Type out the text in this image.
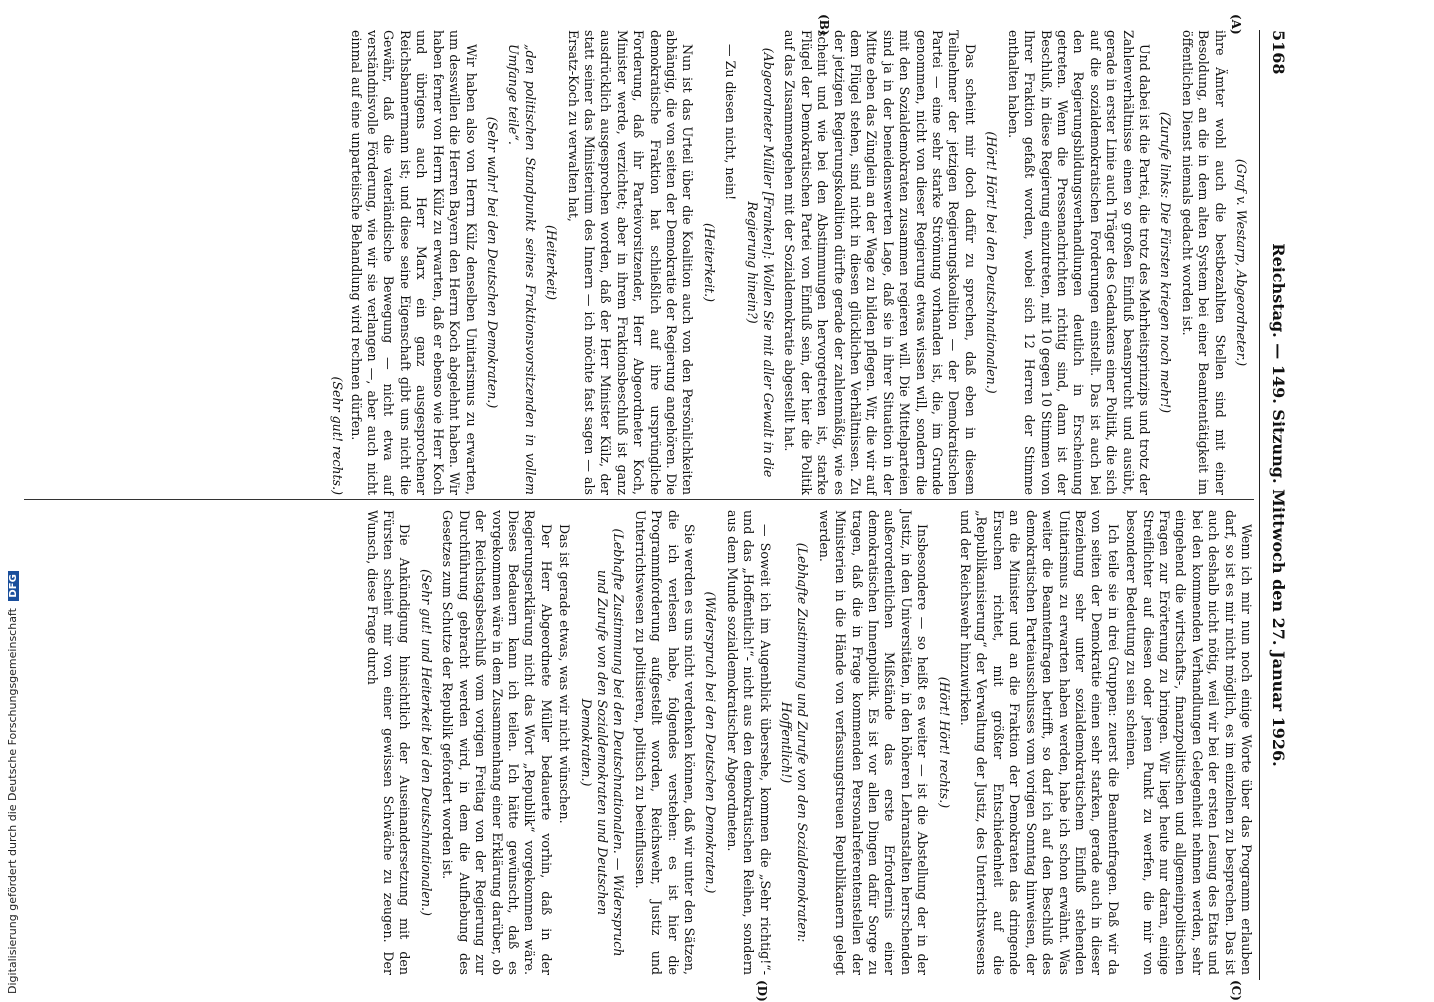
5168
Reichstag. — 149. Sitzung. Mittwoch den 27. Januar 1926.
(A)
(B)
(C)
(D)

(Graf v. Westarp, Abgeordneter.)

ihre Ämter wohl auch die bestbezahlten Stellen sind mit einer Besoldung, an die in dem alten System bei einer Beamtentätigkeit im öffentlichen Dienst niemals gedacht worden ist.

(Zurufe links: Die Fürsten kriegen noch mehr!)

Und dabei ist die Partei, die trotz des Mehrheitsprinzips und trotz der Zahlenverhältnisse einen so großen Einfluß beansprucht und ausübt, gerade in erster Linie auch Träger des Gedankens einer Politik, die sich auf die sozialdemokratischen Forderungen einstellt. Das ist auch bei den Regierungsbildungsverhandlungen deutlich in Erscheinung getreten. Wenn die Pressenachrichten richtig sind, dann ist der Beschluß, in diese Regierung einzutreten, mit 10 gegen 10 Stimmen von Ihrer Fraktion gefaßt worden, wobei sich 12 Herren der Stimme enthalten haben.

(Hört! Hört! bei den Deutschnationalen.)

Das scheint mir doch dafür zu sprechen, daß eben in diesem Teilnehmer der jetzigen Regierungskoalition — der Demokratischen Partei — eine sehr starke Strömung vorhanden ist, die, im Grunde genommen, nicht von dieser Regierung etwas wissen will, sondern die mit den Sozialdemokraten zusammen regieren will. Die Mittelparteien sind ja in der beneidenswerten Lage, daß sie in ihrer Situation in der Mitte eben das Zünglein an der Wage zu bilden pflegen. Wir, die wir auf dem Flügel stehen, sind nicht in diesen glücklichen Verhältnissen. Zu der jetzigen Regierungskoalition dürfte gerade der zahlenmäßig, wie es scheint und wie bei den Abstimmungen hervorgetreten ist, starke Flügel der Demokratischen Partei von Einfluß sein, der hier die Politik auf das Zusammengehen mit der Sozialdemokratie abgestellt hat.

(Abgeordneter Müller [Franken]: Wollen Sie mit aller Gewalt in die Regierung hinein?)

— Zu diesen nicht, nein!

(Heiterkeit.)

Nun ist das Urteil über die Koalition auch von den Persönlichkeiten abhängig, die von seiten der Demokratie der Regierung angehören. Die demokratische Fraktion hat schließlich auf ihre ursprüngliche Forderung, daß ihr Parteivorsitzender, Herr Abgeordneter Koch, Minister werde, verzichtet; aber in ihrem Fraktionsbeschluß ist ganz ausdrücklich ausgesprochen worden, daß der Herr Minister Külz, der statt seiner das Ministerium des Innern — ich möchte fast sagen — als Ersatz-Koch zu verwalten hat,

(Heiterkeit)

„den politischen Standpunkt seines Fraktionsvorsitzenden in vollem Umfange teile“.

(Sehr wahr! bei den Deutschen Demokraten.)

Wir haben also von Herrn Külz denselben Unitarismus zu erwarten, um desswillen die Herren Bayern den Herrn Koch abgelehnt haben. Wir haben ferner von Herrn Külz zu erwarten, daß er ebenso wie Herr Koch und übrigens auch Herr Marx ein ganz ausgesprochener Reichsbannermann ist; und diese seine Eigenschaft gibt uns nicht die Gewähr, daß die vaterländische Bewegung — nicht etwa auf verständnisvolle Förderung, wie wir sie verlangen —, aber auch nicht einmal auf eine unparteiische Behandlung wird rechnen dürfen.

(Sehr gut! rechts.)

Wenn ich mir nun noch einige Worte über das Programm erlauben darf, so ist es mir nicht möglich, es im einzelnen zu besprechen. Das ist auch deshalb nicht nötig, weil wir bei der ersten Lesung des Etats und bei den kommenden Verhandlungen Gelegenheit nehmen werden, sehr eingehend die wirtschafts-, finanzpolitischen und allgemeinpolitischen Fragen zur Erörterung zu bringen. Wir liegt heute nur daran, einige Streiflichter auf diesen oder jenen Punkt zu werfen, die mir von besonderer Bedeutung zu sein scheinen.

Ich teile sie in drei Gruppen: zuerst die Beamtenfragen. Daß wir da von seiten der Demokratie einen sehr starken, gerade auch in dieser Beziehung sehr unter sozialdemokratischem Einfluß stehenden Unitarismus zu erwarten haben werden, habe ich schon erwähnt. Was weiter die Beamtenfragen betrifft, so darf ich auf den Beschluß des demokratischen Parteiausschusses vom vorigen Sonntag hinweisen, der an die Minister und an die Fraktion der Demokraten das dringende Ersuchen richtet, mit größter Entschiedenheit auf die „Republikanisierung“ der Verwaltung der Justiz, des Unterrichtswesens und der Reichswehr hinzuwirken.

(Hört! Hört! rechts.)

Insbesondere — so heißt es weiter — ist die Abstellung der in der Justiz, in den Universitäten, in den höheren Lehranstalten herrschenden außerordentlichen Mißstände das erste Erfordernis einer demokratischen Innenpolitik. Es ist vor allen Dingen dafür Sorge zu tragen, daß die in Frage kommenden Personalreferentenstellen der Ministerien in die Hände von verfassungstreuen Republikanern gelegt werden.

(Lebhafte Zustimmung und Zurufe von den Sozialdemokraten: Hoffentlich!)

— Soweit ich im Augenblick übersehe, kommen die „Sehr richtig!“- und das „Hoffentlich!“- nicht aus den demokratischen Reihen, sondern aus dem Munde sozialdemokratischer Abgeordneten.

(Widerspruch bei den Deutschen Demokraten.)

Sie werden es uns nicht verdenken können, daß wir unter den Sätzen, die ich verlesen habe, folgendes verstehen: es ist hier die Programmforderung aufgestellt worden, Reichswehr, Justiz und Unterrichtswesen zu politisieren, politisch zu beeinflussen.

(Lebhafte Zustimmung bei den Deutschnationalen. — Widerspruch und Zurufe von den Sozialdemokraten und Deutschen Demokraten.)

Das ist gerade etwas, was wir nicht wünschen.

Der Herr Abgeordnete Müller bedauerte vorhin, daß in der Regierungserklärung nicht das Wort „Republik“ vorgekommen wäre. Dieses Bedauern kann ich teilen. Ich hätte gewünscht, daß es vorgekommen wäre in dem Zusammenhang einer Erklärung darüber, ob der Reichstagsbeschluß vom vorigen Freitag von der Regierung zur Durchführung gebracht werden wird, in dem die Aufhebung des Gesetzes zum Schutze der Republik gefordert worden ist.

(Sehr gut! und Heiterkeit bei den Deutschnationalen.)

Die Ankündigung hinsichtlich der Auseinandersetzung mit den Fürsten scheint mir von einer gewissen Schwäche zu zeugen. Der Wunsch, diese Frage durch

Digitalisierung gefördert durch die Deutsche Forschungsgemeinschaft DFG
